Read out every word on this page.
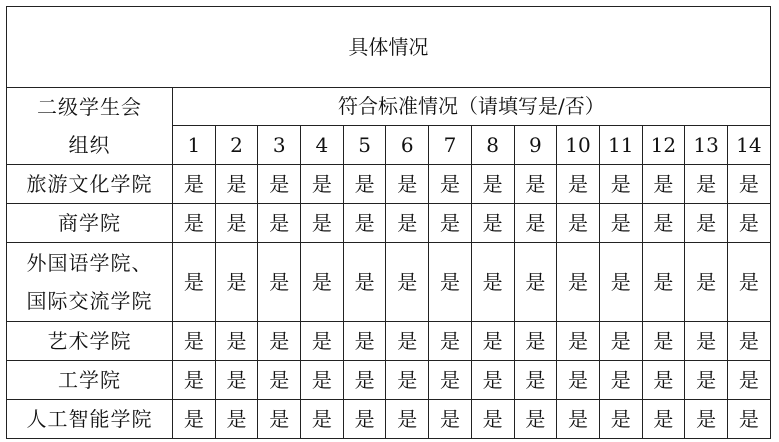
具体情况														

二级学生会
组织	符合标准情况（请填写是/否）													
	1	2	3	4	5	6	7	8	9	10	11	12	13	14

旅游文化学院	是	是	是	是	是	是	是	是	是	是	是	是	是	是

商学院	是	是	是	是	是	是	是	是	是	是	是	是	是	是

外国语学院、
国际交流学院	是	是	是	是	是	是	是	是	是	是	是	是	是	是

艺术学院	是	是	是	是	是	是	是	是	是	是	是	是	是	是

工学院	是	是	是	是	是	是	是	是	是	是	是	是	是	是

人工智能学院	是	是	是	是	是	是	是	是	是	是	是	是	是	是
